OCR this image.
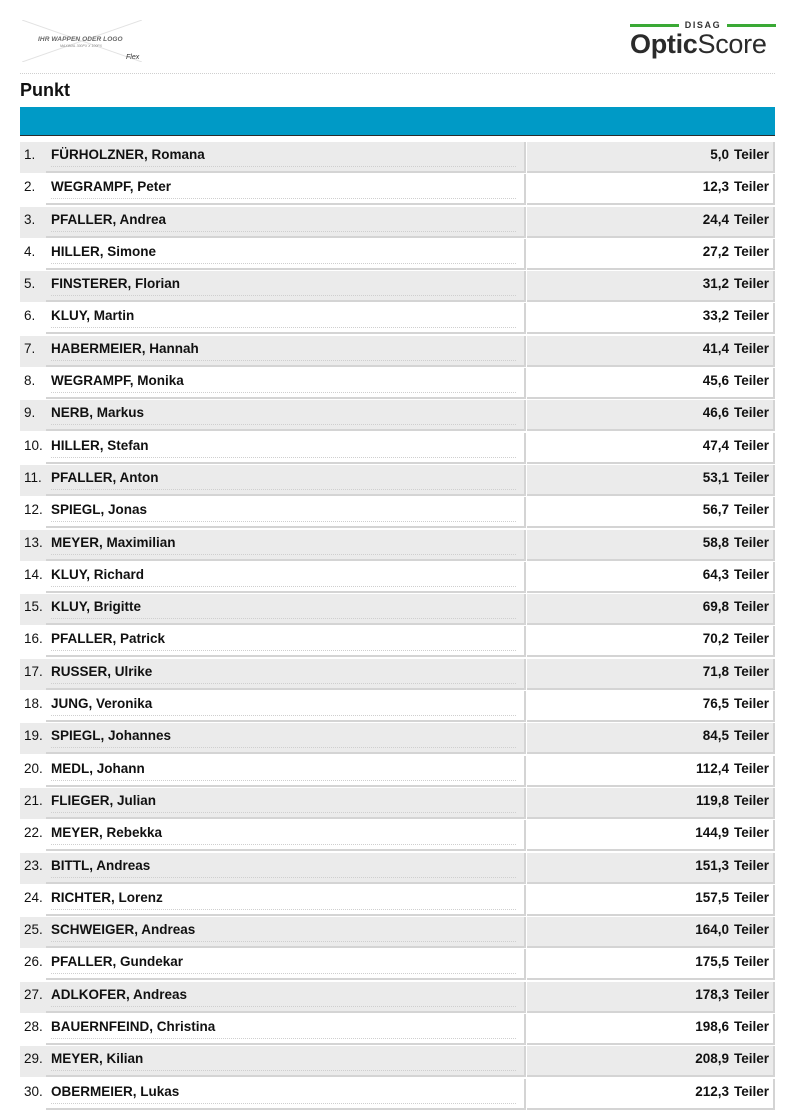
IHR WAPPEN ODER LOGO
MAXIMAL 300PX X 100PX
Flex
DISAG
OpticScore
Punkt
1.	FÜRHOLZNER, Romana	5,0 Teiler
2.	WEGRAMPF, Peter	12,3 Teiler
3.	PFALLER, Andrea	24,4 Teiler
4.	HILLER, Simone	27,2 Teiler
5.	FINSTERER, Florian	31,2 Teiler
6.	KLUY, Martin	33,2 Teiler
7.	HABERMEIER, Hannah	41,4 Teiler
8.	WEGRAMPF, Monika	45,6 Teiler
9.	NERB, Markus	46,6 Teiler
10. HILLER, Stefan	47,4 Teiler
11. PFALLER, Anton	53,1 Teiler
12. SPIEGL, Jonas	56,7 Teiler
13. MEYER, Maximilian	58,8 Teiler
14. KLUY, Richard	64,3 Teiler
15. KLUY, Brigitte	69,8 Teiler
16. PFALLER, Patrick	70,2 Teiler
17. RUSSER, Ulrike	71,8 Teiler
18. JUNG, Veronika	76,5 Teiler
19. SPIEGL, Johannes	84,5 Teiler
20. MEDL, Johann	112,4 Teiler
21. FLIEGER, Julian	119,8 Teiler
22. MEYER, Rebekka	144,9 Teiler
23. BITTL, Andreas	151,3 Teiler
24. RICHTER, Lorenz	157,5 Teiler
25. SCHWEIGER, Andreas	164,0 Teiler
26. PFALLER, Gundekar	175,5 Teiler
27. ADLKOFER, Andreas	178,3 Teiler
28. BAUERNFEIND, Christina	198,6 Teiler
29. MEYER, Kilian	208,9 Teiler
30. OBERMEIER, Lukas	212,3 Teiler
